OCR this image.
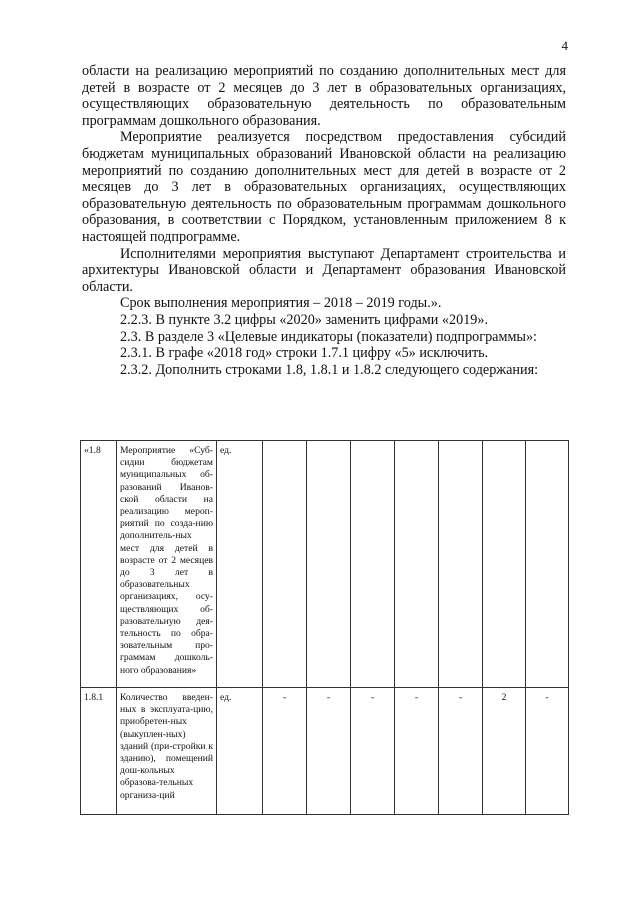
4

области на реализацию мероприятий по созданию дополнительных мест для детей в возрасте от 2 месяцев до 3 лет в образовательных организациях, осуществляющих образовательную деятельность по образовательным программам дошкольного образования.

Мероприятие реализуется посредством предоставления субсидий бюджетам муниципальных образований Ивановской области на реализацию мероприятий по созданию дополнительных мест для детей в возрасте от 2 месяцев до 3 лет в образовательных организациях, осуществляющих образовательную деятельность по образовательным программам дошкольного образования, в соответствии с Порядком, установленным приложением 8 к настоящей подпрограмме.

Исполнителями мероприятия выступают Департамент строительства и архитектуры Ивановской области и Департамент образования Ивановской области.

Срок выполнения мероприятия – 2018 – 2019 годы.».

2.2.3. В пункте 3.2 цифры «2020» заменить цифрами «2019».

2.3. В разделе 3 «Целевые индикаторы (показатели) подпрограммы»:

2.3.1. В графе «2018 год» строки 1.7.1 цифру «5» исключить.

2.3.2. Дополнить строками 1.8, 1.8.1 и 1.8.2 следующего содержания:

«1.8	Мероприятие «Суб-сидии бюджетам муниципальных об-разований Иванов-ской области на реализацию мероп-риятий по созда-нию дополнитель-ных мест для детей в возрасте от 2 месяцев до 3 лет в образовательных организациях, осу-ществляющих об-разовательную дея-тельность по обра-зовательным про-граммам дошколь-ного образования»	ед.							
1.8.1	Количество введен-ных в эксплуата-цию, приобретен-ных (выкуплен-ных) зданий (при-стройки к зданию), помещений дош-кольных образова-тельных организа-ций	ед.	-	-	-	-	-	2	-
